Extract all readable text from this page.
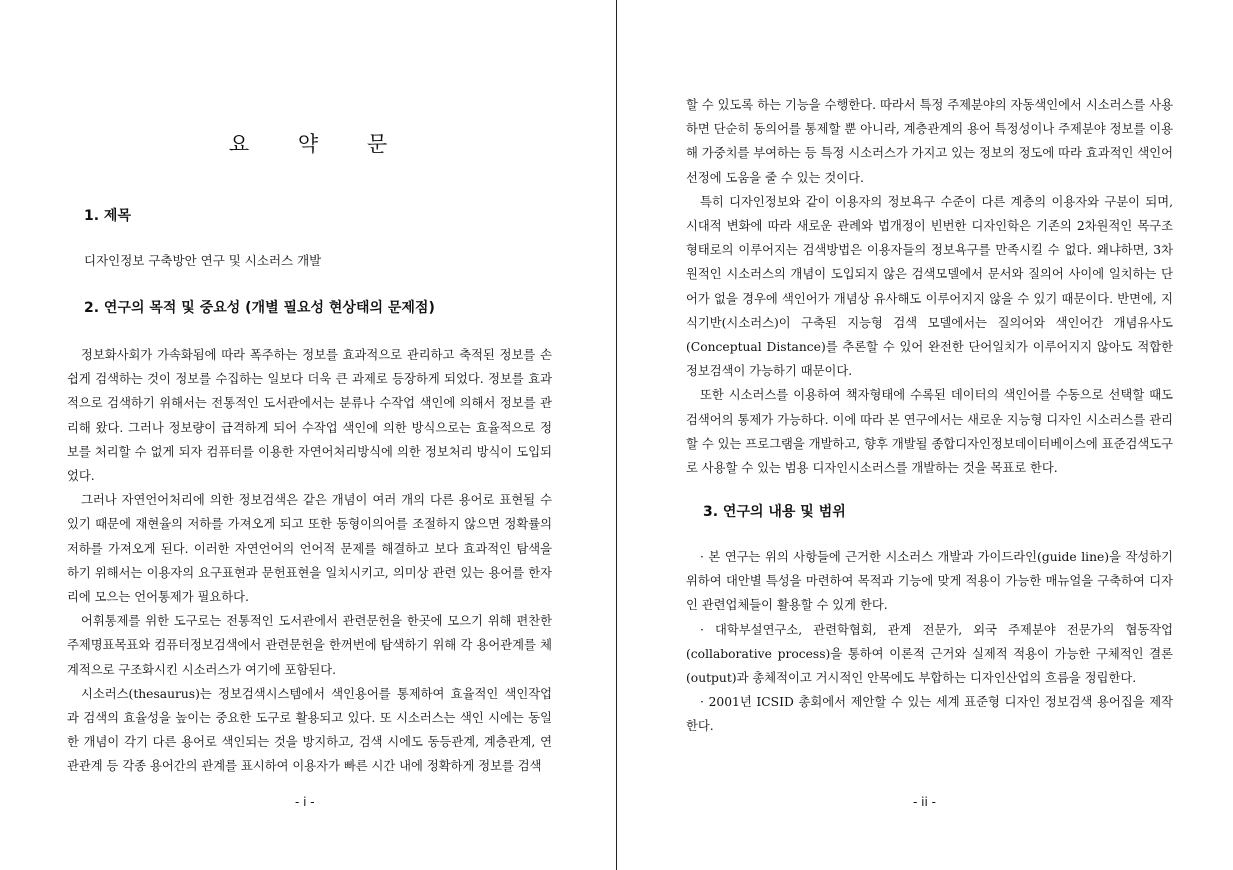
요 약 문
1. 제목
디자인정보 구축방안 연구 및 시소러스 개발
2. 연구의 목적 및 중요성 (개별 필요성 현상태의 문제점)

정보화사회가 가속화됨에 따라 폭주하는 정보를 효과적으로 관리하고 축적된 정보를 손쉽게 검색하는 것이 정보를 수집하는 일보다 더욱 큰 과제로 등장하게 되었다. 정보를 효과적으로 검색하기 위해서는 전통적인 도서관에서는 분류나 수작업 색인에 의해서 정보를 관리해 왔다. 그러나 정보량이 급격하게 되어 수작업 색인에 의한 방식으로는 효율적으로 정보를 처리할 수 없게 되자 컴퓨터를 이용한 자연어처리방식에 의한 정보처리 방식이 도입되었다.

그러나 자연언어처리에 의한 정보검색은 같은 개념이 여러 개의 다른 용어로 표현될 수 있기 때문에 재현율의 저하를 가져오게 되고 또한 동형이의어를 조절하지 않으면 정확률의 저하를 가져오게 된다. 이러한 자연언어의 언어적 문제를 해결하고 보다 효과적인 탐색을 하기 위해서는 이용자의 요구표현과 문헌표현을 일치시키고, 의미상 관련 있는 용어를 한자리에 모으는 언어통제가 필요하다.

어휘통제를 위한 도구로는 전통적인 도서관에서 관련문헌을 한곳에 모으기 위해 편찬한 주제명표목표와 컴퓨터정보검색에서 관련문헌을 한꺼번에 탐색하기 위해 각 용어관계를 체계적으로 구조화시킨 시소러스가 여기에 포함된다.

시소러스(thesaurus)는 정보검색시스템에서 색인용어를 통제하여 효율적인 색인작업과 검색의 효율성을 높이는 중요한 도구로 활용되고 있다. 또 시소러스는 색인 시에는 동일한 개념이 각기 다른 용어로 색인되는 것을 방지하고, 검색 시에도 동등관계, 계층관계, 연관관계 등 각종 용어간의 관계를 표시하여 이용자가 빠른 시간 내에 정확하게 정보를 검색

- i -

할 수 있도록 하는 기능을 수행한다. 따라서 특정 주제분야의 자동색인에서 시소러스를 사용하면 단순히 동의어를 통제할 뿐 아니라, 계층관계의 용어 특정성이나 주제분야 정보를 이용해 가중치를 부여하는 등 특정 시소러스가 가지고 있는 정보의 정도에 따라 효과적인 색인어 선정에 도움을 줄 수 있는 것이다.

특히 디자인정보와 같이 이용자의 정보욕구 수준이 다른 계층의 이용자와 구분이 되며, 시대적 변화에 따라 새로운 관례와 법개정이 빈번한 디자인학은 기존의 2차원적인 목구조 형태로의 이루어지는 검색방법은 이용자들의 정보욕구를 만족시킬 수 없다. 왜냐하면, 3차원적인 시소러스의 개념이 도입되지 않은 검색모델에서 문서와 질의어 사이에 일치하는 단어가 없을 경우에 색인어가 개념상 유사해도 이루어지지 않을 수 있기 때문이다. 반면에, 지식기반(시소러스)이 구축된 지능형 검색 모델에서는 질의어와 색인어간 개념유사도(Conceptual Distance)를 추론할 수 있어 완전한 단어일치가 이루어지지 않아도 적합한 정보검색이 가능하기 때문이다.

또한 시소러스를 이용하여 책자형태에 수록된 데이터의 색인어를 수동으로 선택할 때도 검색어의 통제가 가능하다. 이에 따라 본 연구에서는 새로운 지능형 디자인 시소러스를 관리할 수 있는 프로그램을 개발하고, 향후 개발될 종합디자인정보데이터베이스에 표준검색도구로 사용할 수 있는 범용 디자인시소러스를 개발하는 것을 목표로 한다.

3. 연구의 내용 및 범위

· 본 연구는 위의 사항들에 근거한 시소러스 개발과 가이드라인(guide line)을 작성하기 위하여 대안별 특성을 마련하여 목적과 기능에 맞게 적용이 가능한 매뉴얼을 구축하여 디자인 관련업체들이 활용할 수 있게 한다.

· 대학부설연구소, 관련학협회, 관계 전문가, 외국 주제분야 전문가의 협동작업(collaborative process)을 통하여 이론적 근거와 실제적 적용이 가능한 구체적인 결론(output)과 총체적이고 거시적인 안목에도 부합하는 디자인산업의 흐름을 정립한다.

· 2001년 ICSID 총회에서 제안할 수 있는 세계 표준형 디자인 정보검색 용어집을 제작한다.

- ii -
